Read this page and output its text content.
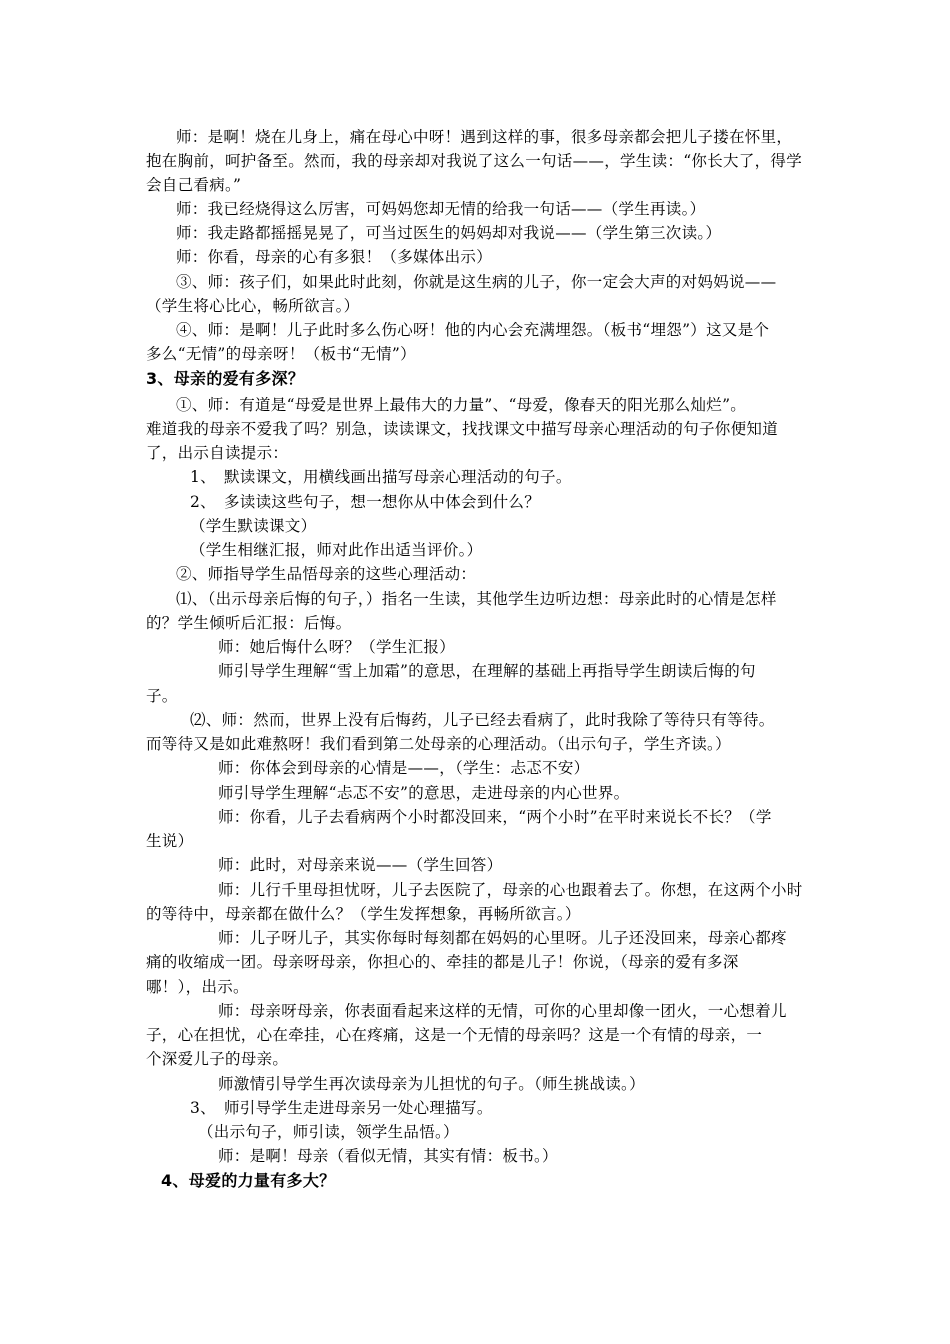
师：是啊！烧在儿身上，痛在母心中呀！遇到这样的事，很多母亲都会把儿子搂在怀里，
抱在胸前，呵护备至。然而，我的母亲却对我说了这么一句话——，学生读：“你长大了，得学
会自己看病。”
师：我已经烧得这么厉害，可妈妈您却无情的给我一句话——（学生再读。）
师：我走路都摇摇晃晃了，可当过医生的妈妈却对我说——（学生第三次读。）
师：你看，母亲的心有多狠！（多媒体出示）
③、师：孩子们，如果此时此刻，你就是这生病的儿子，你一定会大声的对妈妈说——
（学生将心比心，畅所欲言。）
④、师：是啊！儿子此时多么伤心呀！他的内心会充满埋怨。（板书“埋怨”）这又是个
多么“无情”的母亲呀！（板书“无情”）
3、母亲的爱有多深？
①、师：有道是“母爱是世界上最伟大的力量”、“母爱，像春天的阳光那么灿烂”。
难道我的母亲不爱我了吗？别急，读读课文，找找课文中描写母亲心理活动的句子你便知道
了，出示自读提示：
1、　默读课文，用横线画出描写母亲心理活动的句子。
2、　多读读这些句子，想一想你从中体会到什么？
（学生默读课文）
（学生相继汇报，师对此作出适当评价。）
②、师指导学生品悟母亲的这些心理活动：
⑴、（出示母亲后悔的句子，）指名一生读，其他学生边听边想：母亲此时的心情是怎样
的？学生倾听后汇报：后悔。
师：她后悔什么呀？（学生汇报）
师引导学生理解“雪上加霜”的意思，在理解的基础上再指导学生朗读后悔的句
子。
⑵、师：然而，世界上没有后悔药，儿子已经去看病了，此时我除了等待只有等待。
而等待又是如此难熬呀！我们看到第二处母亲的心理活动。（出示句子，学生齐读。）
师：你体会到母亲的心情是——，（学生：忐忑不安）
师引导学生理解“忐忑不安”的意思，走进母亲的内心世界。
师：你看，儿子去看病两个小时都没回来，“两个小时”在平时来说长不长？（学
生说）
师：此时，对母亲来说——（学生回答）
师：儿行千里母担忧呀，儿子去医院了，母亲的心也跟着去了。你想，在这两个小时
的等待中，母亲都在做什么？（学生发挥想象，再畅所欲言。）
师：儿子呀儿子，其实你每时每刻都在妈妈的心里呀。儿子还没回来，母亲心都疼
痛的收缩成一团。母亲呀母亲，你担心的、牵挂的都是儿子！你说，（母亲的爱有多深
哪！），出示。
师：母亲呀母亲，你表面看起来这样的无情，可你的心里却像一团火，一心想着儿
子，心在担忧，心在牵挂，心在疼痛，这是一个无情的母亲吗？这是一个有情的母亲，一
个深爱儿子的母亲。
师激情引导学生再次读母亲为儿担忧的句子。（师生挑战读。）
3、　师引导学生走进母亲另一处心理描写。
（出示句子，师引读，领学生品悟。）
师：是啊！母亲（看似无情，其实有情：板书。）
4、母爱的力量有多大？
